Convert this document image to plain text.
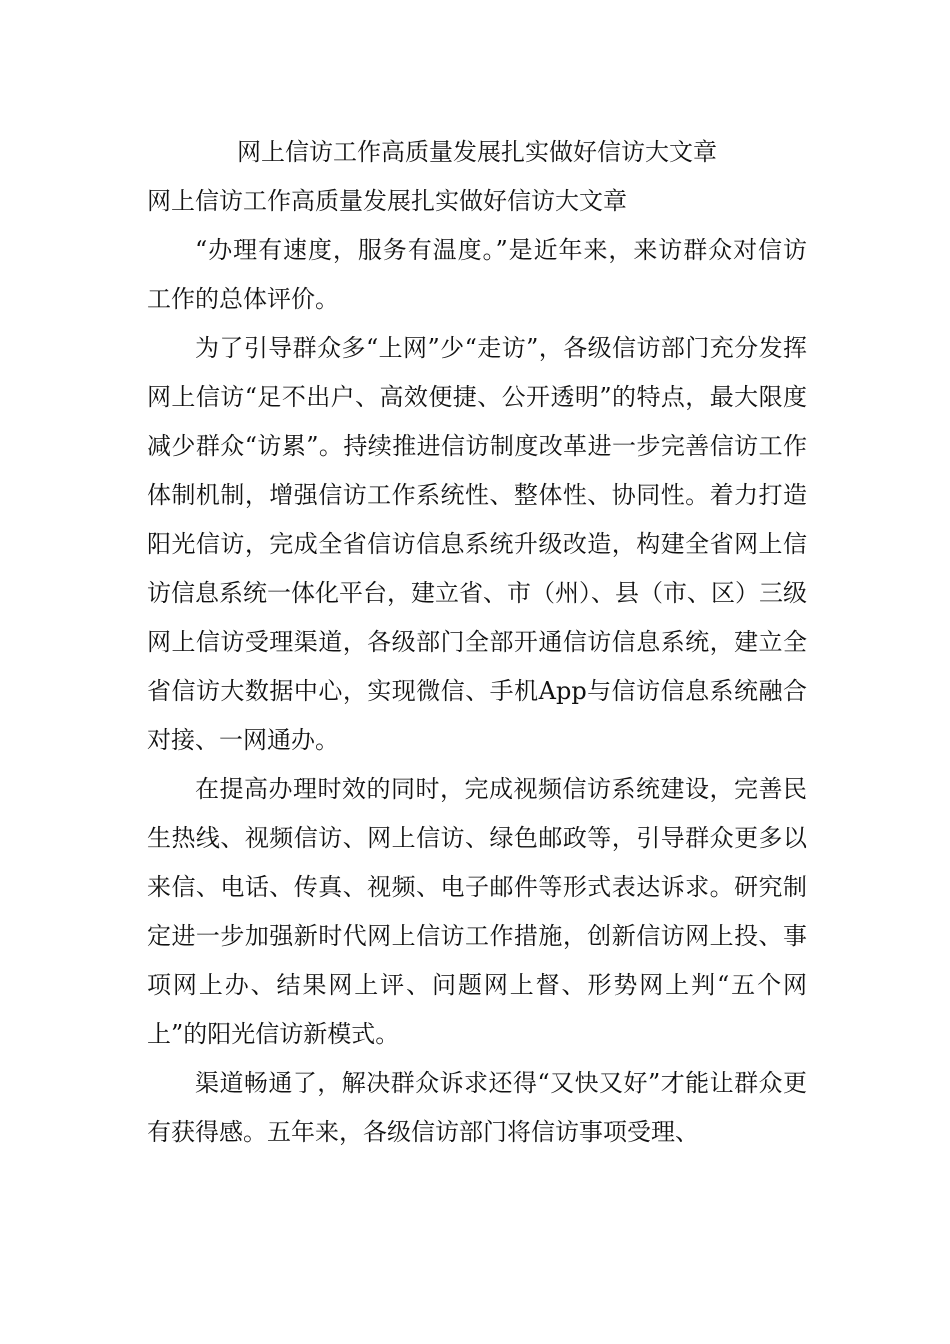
网上信访工作高质量发展扎实做好信访大文章
网上信访工作高质量发展扎实做好信访大文章

“办理有速度，服务有温度。”是近年来，来访群众对信访工作的总体评价。

为了引导群众多“上网”少“走访”，各级信访部门充分发挥网上信访“足不出户、高效便捷、公开透明”的特点，最大限度减少群众“访累”。持续推进信访制度改革进一步完善信访工作体制机制，增强信访工作系统性、整体性、协同性。着力打造阳光信访，完成全省信访信息系统升级改造，构建全省网上信访信息系统一体化平台，建立省、市（州）、县（市、区）三级网上信访受理渠道，各级部门全部开通信访信息系统，建立全省信访大数据中心，实现微信、手机App与信访信息系统融合对接、一网通办。

在提高办理时效的同时，完成视频信访系统建设，完善民生热线、视频信访、网上信访、绿色邮政等，引导群众更多以来信、电话、传真、视频、电子邮件等形式表达诉求。研究制定进一步加强新时代网上信访工作措施，创新信访网上投、事项网上办、结果网上评、问题网上督、形势网上判“五个网上”的阳光信访新模式。

渠道畅通了，解决群众诉求还得“又快又好”才能让群众更有获得感。五年来，各级信访部门将信访事项受理、
